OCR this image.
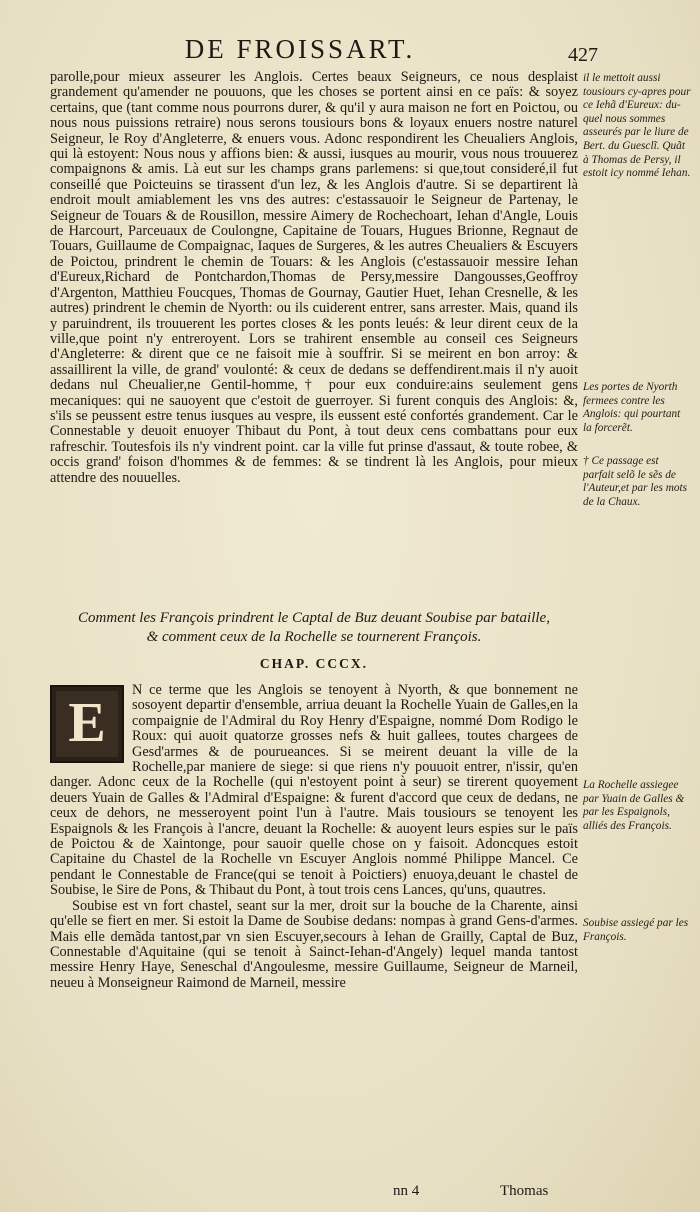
DE FROISSART.	427

parolle,pour mieux asseurer les Anglois. Certes beaux Seigneurs, ce nous desplaist grandement qu'amender ne pouuons, que les choses se portent ainsi en ce païs: & soyez certains, que (tant comme nous pourrons durer, & qu'il y aura maison ne fort en Poictou, ou nous nous puissions retraire) nous serons tousiours bons & loyaux enuers nostre naturel Seigneur, le Roy d'Angleterre, & enuers vous. Adonc respondirent les Cheualiers Anglois, qui là estoyent: Nous nous y affions bien: & aussi, iusques au mourir, vous nous trouuerez compaignons & amis. Là eut sur les champs grans parlemens: si que,tout consideré,il fut conseillé que Poicteuins se tirassent d'un lez, & les Anglois d'autre. Si se departirent là endroit moult amiablement les vns des autres: c'estassauoir le Seigneur de Partenay, le Seigneur de Touars & de Rousillon, messire Aimery de Rochechoart, Iehan d'Angle, Louis de Harcourt, Parceuaux de Coulongne, Capitaine de Touars, Hugues Brionne, Regnaut de Touars, Guillaume de Compaignac, Iaques de Surgeres, & les autres Cheualiers & Escuyers de Poictou, prindrent le chemin de Touars: & les Anglois (c'estassauoir messire Iehan d'Eureux,Richard de Pontchardon,Thomas de Persy,messire Dangousses,Geoffroy d'Argenton, Matthieu Foucques, Thomas de Gournay, Gautier Huet, Iehan Cresnelle, & les autres) prindrent le chemin de Nyorth: ou ils cuiderent entrer, sans arrester. Mais, quand ils y paruindrent, ils trouuerent les portes closes & les ponts leués: & leur dirent ceux de la ville,que point n'y entreroyent. Lors se trahirent ensemble au conseil ces Seigneurs d'Angleterre: & dirent que ce ne faisoit mie à souffrir. Si se meirent en bon arroy: & assaillirent la ville, de grand' voulonté: & ceux de dedans se deffendirent.mais il n'y auoit dedans nul Cheualier,ne Gentil-homme,† pour eux conduire:ains seulement gens mecaniques: qui ne sauoyent que c'estoit de guerroyer. Si furent conquis des Anglois: &, s'ils se peussent estre tenus iusques au vespre, ils eussent esté confortés grandement. Car le Connestable y deuoit enuoyer Thibaut du Pont, à tout deux cens combattans pour eux rafreschir. Toutesfois ils n'y vindrent point. car la ville fut prinse d'assaut, & toute robee, & occis grand' foison d'hommes & de femmes: & se tindrent là les Anglois, pour mieux attendre des nouuelles.

Comment les François prindrent le Captal de Buz deuant Soubise par bataille,
& comment ceux de la Rochelle se tournerent François.
CHAP. CCCX.
E

N ce terme que les Anglois se tenoyent à Nyorth, & que bonnement ne sosoyent departir d'ensemble, arriua deuant la Rochelle Yuain de Galles,en la compaignie de l'Admiral du Roy Henry d'Espaigne, nommé Dom Rodigo le Roux: qui auoit quatorze grosses nefs & huit gallees, toutes chargees de Gesd'armes & de pourueances. Si se meirent deuant la ville de la Rochelle,par maniere de siege: si que riens n'y pouuoit entrer, n'issir, qu'en danger. Adonc ceux de la Rochelle (qui n'estoyent point à seur) se tirerent quoyement deuers Yuain de Galles & l'Admiral d'Espaigne: & furent d'accord que ceux de dedans, ne ceux de dehors, ne messeroyent point l'un à l'autre. Mais tousiours se tenoyent les Espaignols & les François à l'ancre, deuant la Rochelle: & auoyent leurs espies sur le païs de Poictou & de Xaintonge, pour sauoir quelle chose on y faisoit. Adoncques estoit Capitaine du Chastel de la Rochelle vn Escuyer Anglois nommé Philippe Mancel. Ce pendant le Connestable de France(qui se tenoit à Poictiers) enuoya,deuant le chastel de Soubise, le Sire de Pons, & Thibaut du Pont, à tout trois cens Lances, qu'uns, quautres.

Soubise est vn fort chastel, seant sur la mer, droit sur la bouche de la Charente, ainsi qu'elle se fiert en mer. Si estoit la Dame de Soubise dedans: nompas à grand Gens-d'armes. Mais elle demãda tantost,par vn sien Escuyer,secours à Iehan de Grailly, Captal de Buz, Connestable d'Aquitaine (qui se tenoit à Sainct-Iehan-d'Angely) lequel manda tantost messire Henry Haye, Seneschal d'Angoulesme, messire Guillaume, Seigneur de Marneil, neueu à Monseigneur Raimond de Marneil, messire

il le mettoit aussi tousiours cy-apres pour ce Iehã d'Eureux: du-quel nous sommes asseurés par le liure de Bert. du Guesclĩ. Quãt à Thomas de Persy, il estoit icy nommé Iehan.
Les portes de Nyorth fermees contre les Anglois: qui pourtant la forcerẽt.
† Ce passage est parfait selõ le sẽs de l'Auteur,et par les mots de la Chaux.
La Rochelle assiegee par Yuain de Galles & par les Espaignols, alliés des François.
Soubise assiegé par les François.
nn 4	Thomas
